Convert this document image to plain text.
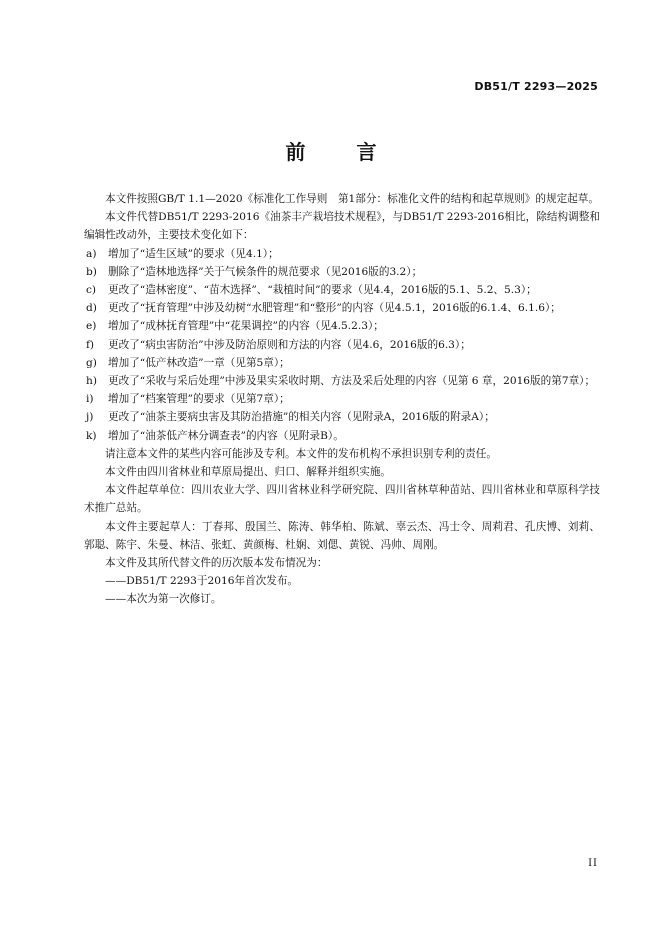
DB51/T 2293—2025
前 言

本文件按照GB/T 1.1—2020《标准化工作导则　第1部分：标准化文件的结构和起草规则》的规定起草。

本文件代替DB51/T 2293-2016《油茶丰产栽培技术规程》，与DB51/T 2293-2016相比，除结构调整和编辑性改动外，主要技术变化如下：

a)	增加了“适生区域”的要求（见4.1）；
b)	删除了“造林地选择”关于气候条件的规范要求（见2016版的3.2）；
c)	更改了“造林密度”、“苗木选择”、“栽植时间”的要求（见4.4，2016版的5.1、5.2、5.3）；
d)	更改了“抚育管理”中涉及幼树“水肥管理”和“整形”的内容（见4.5.1，2016版的6.1.4、6.1.6）；
e)	增加了“成林抚育管理”中“花果调控”的内容（见4.5.2.3）；
f)	更改了“病虫害防治”中涉及防治原则和方法的内容（见4.6，2016版的6.3）；
g)	增加了“低产林改造”一章（见第5章）；
h)	更改了“采收与采后处理”中涉及果实采收时期、方法及采后处理的内容（见第 6 章，2016版的第7章）；
i)	增加了“档案管理”的要求（见第7章）；
j)	更改了“油茶主要病虫害及其防治措施”的相关内容（见附录A，2016版的附录A）；
k)	增加了“油茶低产林分调查表”的内容（见附录B）。

请注意本文件的某些内容可能涉及专利。本文件的发布机构不承担识别专利的责任。

本文件由四川省林业和草原局提出、归口、解释并组织实施。

本文件起草单位：四川农业大学、四川省林业科学研究院、四川省林草种苗站、四川省林业和草原科学技术推广总站。

本文件主要起草人：丁春邦、殷国兰、陈涛、韩华柏、陈斌、辜云杰、冯士令、周莉君、孔庆博、刘莉、郭聪、陈宇、朱曼、林洁、张虹、黄颜梅、杜娴、刘偲、黄锐、冯帅、周刚。

本文件及其所代替文件的历次版本发布情况为：

——DB51/T 2293于2016年首次发布。

——本次为第一次修订。

II
